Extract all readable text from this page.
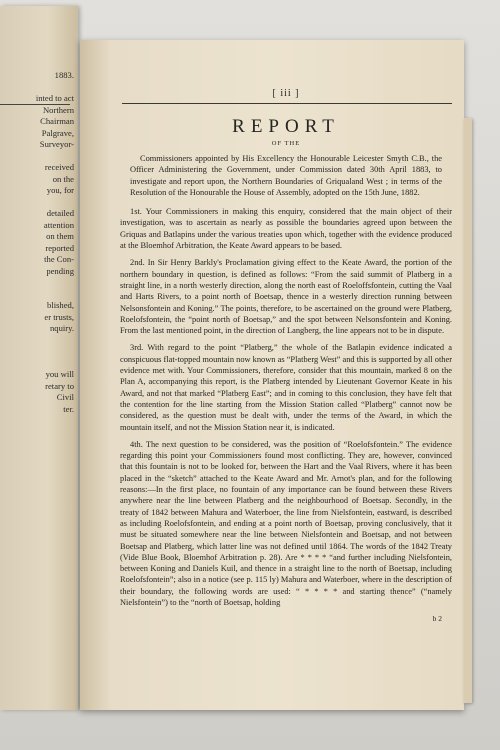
1883.
inted to act
Northern
Chairman
Palgrave,
Surveyor-
received
on the
you, for
detailed
attention
on them
reported
the Con-
pending
blished,
er trusts,
nquiry.
you will
retary to
Civil
ter.
[ iii ]
REPORT
OF THE

Commissioners appointed by His Excellency the Honourable Leicester Smyth C.B., the Officer Administering the Government, under Commission dated 30th April 1883, to investigate and report upon, the Northern Boundaries of Griqualand West ; in terms of the Resolution of the Honourable the House of Assembly, adopted on the 15th June, 1882.

1st. Your Commissioners in making this enquiry, considered that the main object of their investigation, was to ascertain as nearly as possible the boundaries agreed upon between the Griquas and Batlapins under the various treaties upon which, together with the evidence produced at the Bloemhof Arbitration, the Keate Award appears to be based.

2nd. In Sir Henry Barkly's Proclamation giving effect to the Keate Award, the portion of the northern boundary in question, is defined as follows: “From the said summit of Platberg in a straight line, in a north westerly direction, along the north east of Roeloffsfontein, cutting the Vaal and Harts Rivers, to a point north of Boetsap, thence in a westerly direction running between Nelsonsfontein and Koning.” The points, therefore, to be ascertained on the ground were Platberg, Roelofsfontein, the “point north of Boetsap,” and the spot between Nelsonsfontein and Koning. From the last mentioned point, in the direction of Langberg, the line appears not to be in dispute.

3rd. With regard to the point “Platberg,” the whole of the Batlapin evidence indicated a conspicuous flat-topped mountain now known as “Platberg West” and this is supported by all other evidence met with. Your Commissioners, therefore, consider that this mountain, marked 8 on the Plan A, accompanying this report, is the Platberg intended by Lieutenant Governor Keate in his Award, and not that marked “Platberg East”; and in coming to this conclusion, they have felt that the contention for the line starting from the Mission Station called “Platberg” cannot now be considered, as the question must be dealt with, under the terms of the Award, in which the mountain itself, and not the Mission Station near it, is indicated.

4th. The next question to be considered, was the position of “Roelofsfontein.” The evidence regarding this point your Commissioners found most conflicting. They are, however, convinced that this fountain is not to be looked for, between the Hart and the Vaal Rivers, where it has been placed in the “sketch” attached to the Keate Award and Mr. Arnot's plan, and for the following reasons:—In the first place, no fountain of any importance can be found between these Rivers anywhere near the line between Platberg and the neighbourhood of Boetsap. Secondly, in the treaty of 1842 between Mahura and Waterboer, the line from Nielsfontein, eastward, is described as including Roelofsfontein, and ending at a point north of Boetsap, proving conclusively, that it must be situated somewhere near the line between Nielsfontein and Boetsap, and not between Boetsap and Platberg, which latter line was not defined until 1864. The words of the 1842 Treaty (Vide Blue Book, Bloemhof Arbitration p. 28). Are * * * * “and further including Nielsfontein, between Koning and Daniels Kuil, and thence in a straight line to the north of Boetsap, including Roelofsfontein”; also in a notice (see p. 115 ly) Mahura and Waterboer, where in the description of their boundary, the following words are used: “ * * * * and starting thence” (“namely Nielsfontein”) to the “north of Boetsap, holding

b 2
